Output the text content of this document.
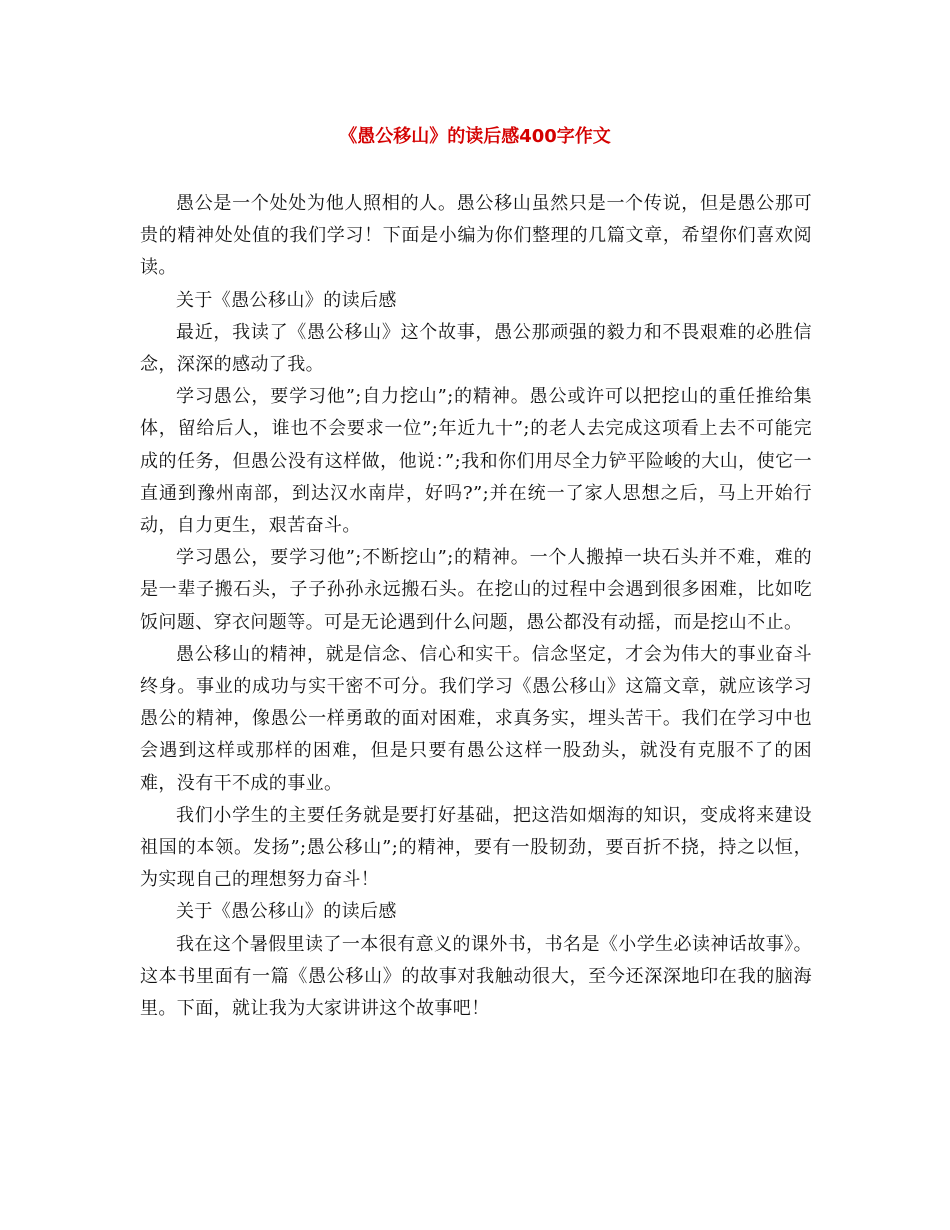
《愚公移山》的读后感400字作文

愚公是一个处处为他人照相的人。愚公移山虽然只是一个传说，但是愚公那可贵的精神处处值的我们学习！下面是小编为你们整理的几篇文章，希望你们喜欢阅读。

关于《愚公移山》的读后感

最近，我读了《愚公移山》这个故事，愚公那顽强的毅力和不畏艰难的必胜信念，深深的感动了我。

学习愚公，要学习他”;自力挖山”;的精神。愚公或许可以把挖山的重任推给集体，留给后人，谁也不会要求一位”;年近九十”;的老人去完成这项看上去不可能完成的任务，但愚公没有这样做，他说：”;我和你们用尽全力铲平险峻的大山，使它一直通到豫州南部，到达汉水南岸，好吗?”;并在统一了家人思想之后，马上开始行动，自力更生，艰苦奋斗。

学习愚公，要学习他”;不断挖山”;的精神。一个人搬掉一块石头并不难，难的是一辈子搬石头，子子孙孙永远搬石头。在挖山的过程中会遇到很多困难，比如吃饭问题、穿衣问题等。可是无论遇到什么问题，愚公都没有动摇，而是挖山不止。

愚公移山的精神，就是信念、信心和实干。信念坚定，才会为伟大的事业奋斗终身。事业的成功与实干密不可分。我们学习《愚公移山》这篇文章，就应该学习愚公的精神，像愚公一样勇敢的面对困难，求真务实，埋头苦干。我们在学习中也会遇到这样或那样的困难，但是只要有愚公这样一股劲头，就没有克服不了的困难，没有干不成的事业。

我们小学生的主要任务就是要打好基础，把这浩如烟海的知识，变成将来建设祖国的本领。发扬”;愚公移山”;的精神，要有一股韧劲，要百折不挠，持之以恒，为实现自己的理想努力奋斗！

关于《愚公移山》的读后感

我在这个暑假里读了一本很有意义的课外书，书名是《小学生必读神话故事》。这本书里面有一篇《愚公移山》的故事对我触动很大，至今还深深地印在我的脑海里。下面，就让我为大家讲讲这个故事吧！
